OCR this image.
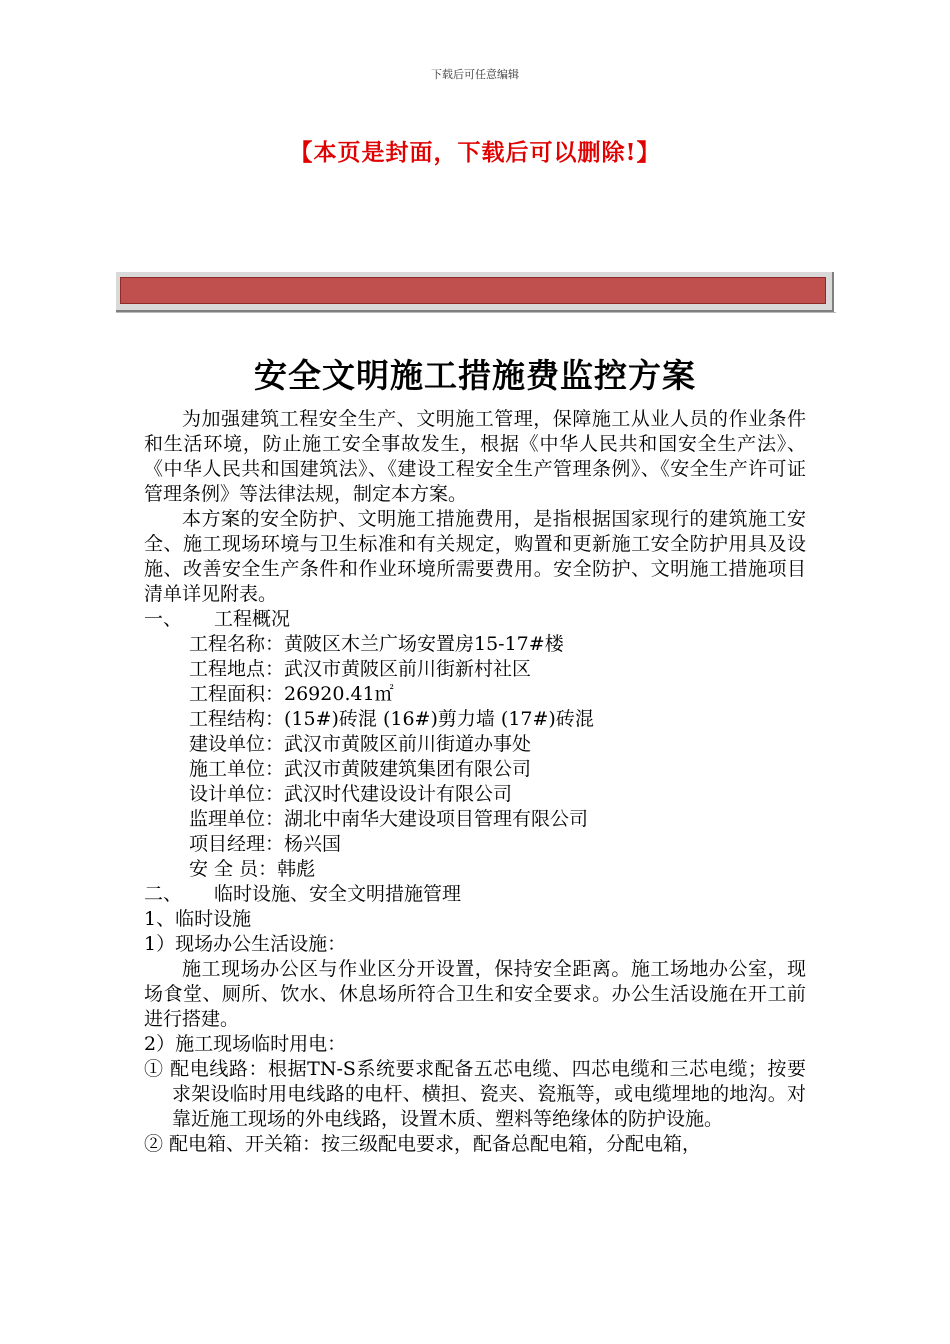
下载后可任意编辑
【本页是封面，下载后可以删除!】
安全文明施工措施费监控方案

为加强建筑工程安全生产、文明施工管理，保障施工从业人员的作业条件和生活环境，防止施工安全事故发生，根据《中华人民共和国安全生产法》、《中华人民共和国建筑法》、《建设工程安全生产管理条例》、《安全生产许可证管理条例》等法律法规，制定本方案。

本方案的安全防护、文明施工措施费用，是指根据国家现行的建筑施工安全、施工现场环境与卫生标准和有关规定，购置和更新施工安全防护用具及设施、改善安全生产条件和作业环境所需要费用。安全防护、文明施工措施项目清单详见附表。

一、 工程概况

工程名称：黄陂区木兰广场安置房15-17#楼

工程地点：武汉市黄陂区前川街新村社区

工程面积：26920.41㎡

工程结构：(15#)砖混 (16#)剪力墙 (17#)砖混

建设单位：武汉市黄陂区前川街道办事处

施工单位：武汉市黄陂建筑集团有限公司

设计单位：武汉时代建设设计有限公司

监理单位：湖北中南华大建设项目管理有限公司

项目经理：杨兴国

安 全 员：韩彪

二、 临时设施、安全文明措施管理

1、临时设施

1）现场办公生活设施：

施工现场办公区与作业区分开设置，保持安全距离。施工场地办公室，现场食堂、厕所、饮水、休息场所符合卫生和安全要求。办公生活设施在开工前进行搭建。

2）施工现场临时用电：

① 配电线路：根据TN-S系统要求配备五芯电缆、四芯电缆和三芯电缆；按要求架设临时用电线路的电杆、横担、瓷夹、瓷瓶等，或电缆埋地的地沟。对靠近施工现场的外电线路，设置木质、塑料等绝缘体的防护设施。

② 配电箱、开关箱：按三级配电要求，配备总配电箱，分配电箱，
